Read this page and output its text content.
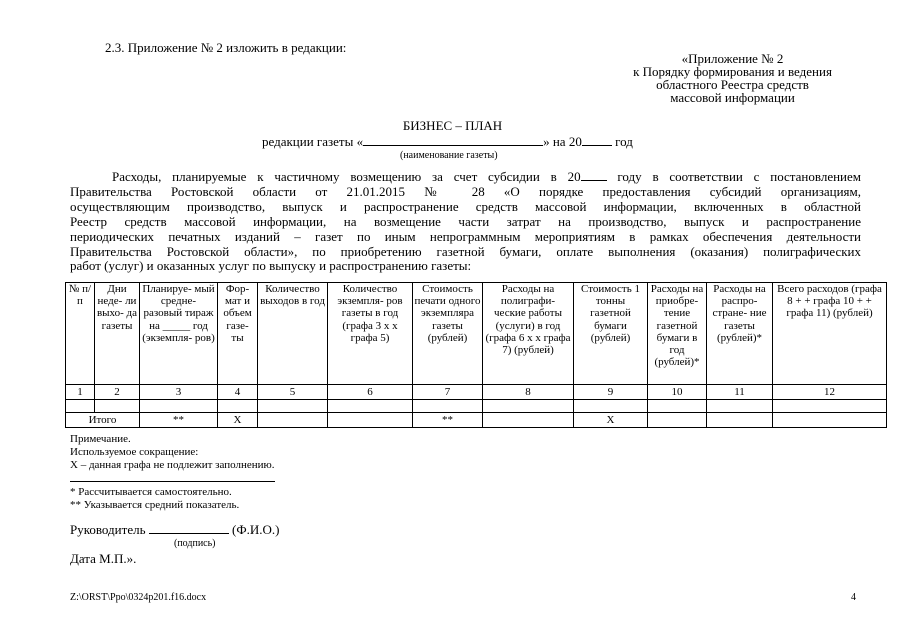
2.3. Приложение № 2 изложить в редакции:
«Приложение № 2
к Порядку формирования и ведения
областного Реестра средств
массовой информации
БИЗНЕС – ПЛАН
редакции газеты «	» на 20	год
(наименование газеты)
Расходы, планируемые к частичному возмещению за счет субсидии в 20	году в соответствии с постановлением
Правительства Ростовской области от 21.01.2015 № 28 «О порядке предоставления субсидий организациям,
осуществляющим производство, выпуск и распространение средств массовой информации, включенных в областной
Реестр средств массовой информации, на возмещение части затрат на производство, выпуск и распространение
периодических печатных изданий – газет по иным непрограммным мероприятиям в рамках обеспечения деятельности
Правительства Ростовской области», по приобретению газетной бумаги, оплате выполнения (оказания) полиграфических
работ (услуг) и оказанных услуг по выпуску и распространению газеты:
№ п/п	Дни неде- ли выхо- да газеты	Планируе- мый средне- разовый тираж на _____ год (экземпля- ров)	Фор- мат и объем газе- ты	Количество выходов в год	Количество экземпля- ров газеты в год (графа 3 х х графа 5)	Стоимость печати одного экземпляра газеты (рублей)	Расходы на полиграфи- ческие работы (услуги) в год (графа 6 х х графа 7) (рублей)	Стоимость 1 тонны газетной бумаги (рублей)	Расходы на приобре- тение газетной бумаги в год (рублей)*	Расходы на распро- стране- ние газеты (рублей)*	Всего расходов (графа 8 + + графа 10 + + графа 11) (рублей)
1	2	3	4	5	6	7	8	9	10	11	12

Итого		**	Х			**		Х			
Примечание.
Используемое сокращение:
Х – данная графа не подлежит заполнению.
* Рассчитывается самостоятельно.
** Указывается средний показатель.
Руководитель	(Ф.И.О.)
(подпись)
Дата М.П.».
Z:\ORST\Ppo\0324p201.f16.docx	4
